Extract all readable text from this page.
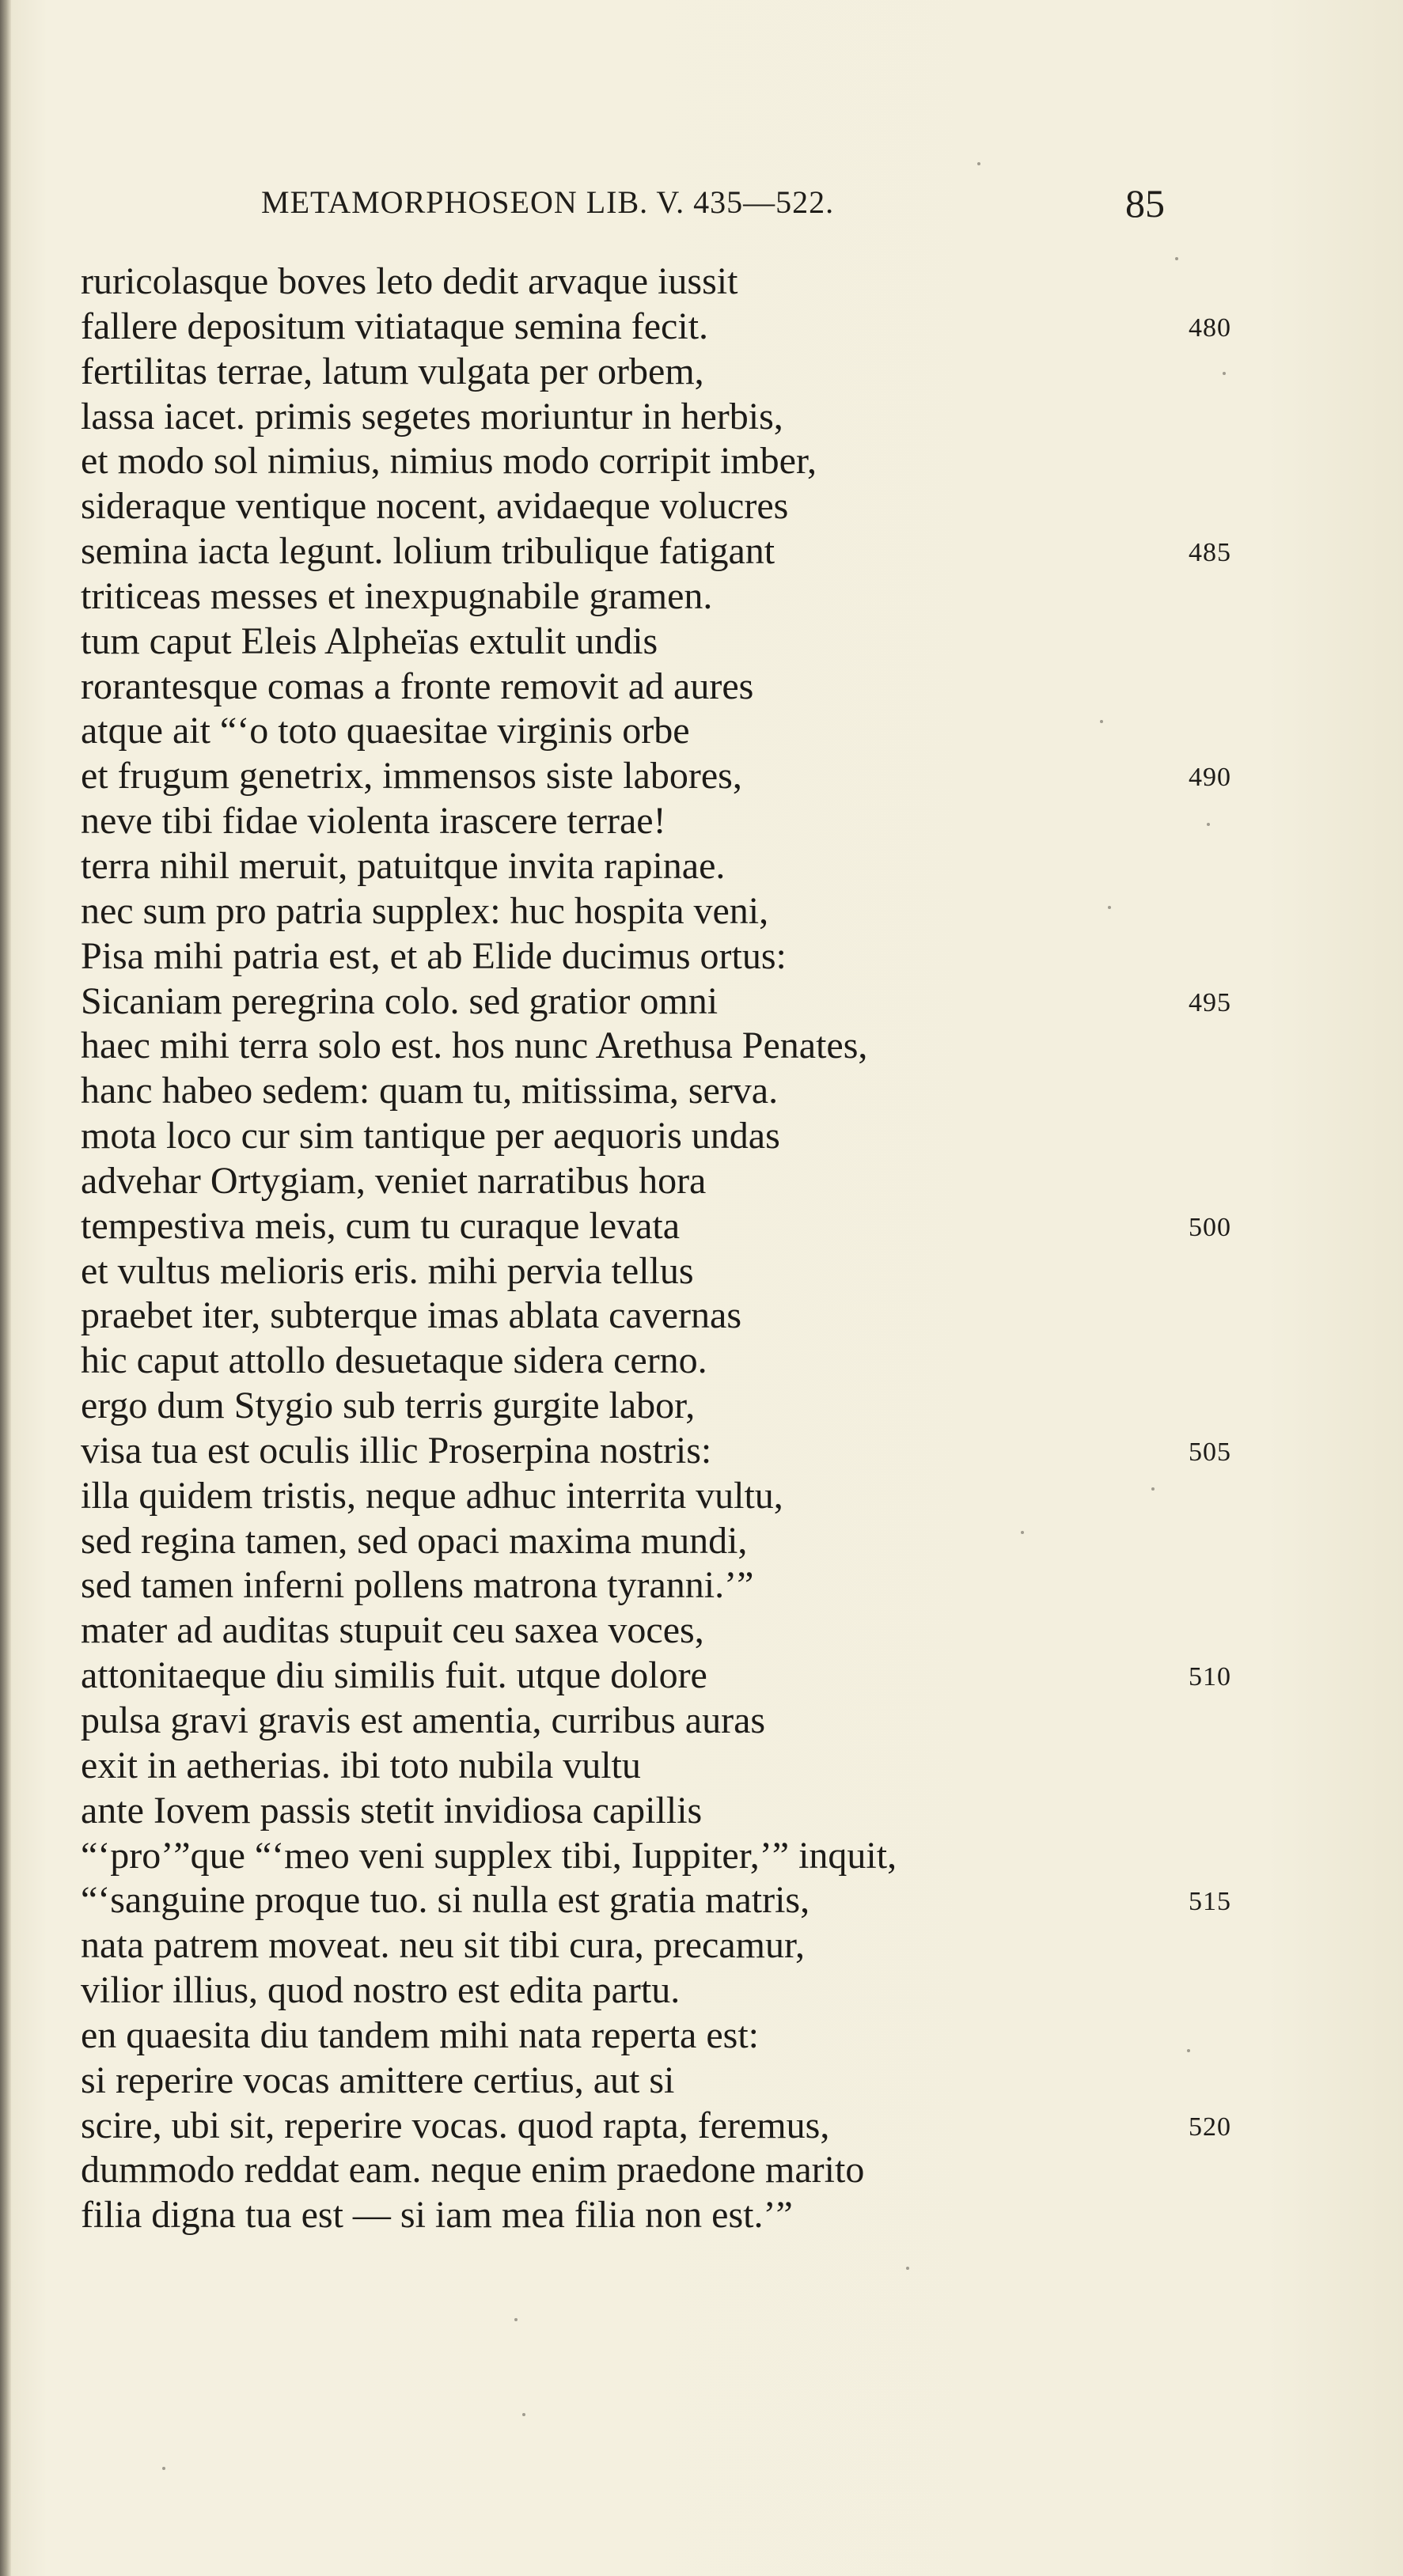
METAMORPHOSEON LIB. V. 435—522.	85
ruricolasque boves leto dedit arvaque iussit
fallere depositum vitiataque semina fecit.	480
fertilitas terrae, latum vulgata per orbem,
lassa iacet. primis segetes moriuntur in herbis,
et modo sol nimius, nimius modo corripit imber,
sideraque ventique nocent, avidaeque volucres
semina iacta legunt. lolium tribulique fatigant	485
triticeas messes et inexpugnabile gramen.
tum caput Eleis Alpheïas extulit undis
rorantesque comas a fronte removit ad aures
atque ait “‘o toto quaesitae virginis orbe
et frugum genetrix, immensos siste labores,	490
neve tibi fidae violenta irascere terrae!
terra nihil meruit, patuitque invita rapinae.
nec sum pro patria supplex: huc hospita veni,
Pisa mihi patria est, et ab Elide ducimus ortus:
Sicaniam peregrina colo. sed gratior omni	495
haec mihi terra solo est. hos nunc Arethusa Penates,
hanc habeo sedem: quam tu, mitissima, serva.
mota loco cur sim tantique per aequoris undas
advehar Ortygiam, veniet narratibus hora
tempestiva meis, cum tu curaque levata	500
et vultus melioris eris. mihi pervia tellus
praebet iter, subterque imas ablata cavernas
hic caput attollo desuetaque sidera cerno.
ergo dum Stygio sub terris gurgite labor,
visa tua est oculis illic Proserpina nostris:	505
illa quidem tristis, neque adhuc interrita vultu,
sed regina tamen, sed opaci maxima mundi,
sed tamen inferni pollens matrona tyranni.’”
mater ad auditas stupuit ceu saxea voces,
attonitaeque diu similis fuit. utque dolore	510
pulsa gravi gravis est amentia, curribus auras
exit in aetherias. ibi toto nubila vultu
ante Iovem passis stetit invidiosa capillis
“‘pro’”que “‘meo veni supplex tibi, Iuppiter,’” inquit,
“‘sanguine proque tuo. si nulla est gratia matris,	515
nata patrem moveat. neu sit tibi cura, precamur,
vilior illius, quod nostro est edita partu.
en quaesita diu tandem mihi nata reperta est:
si reperire vocas amittere certius, aut si
scire, ubi sit, reperire vocas. quod rapta, feremus,	520
dummodo reddat eam. neque enim praedone marito
filia digna tua est — si iam mea filia non est.’”
